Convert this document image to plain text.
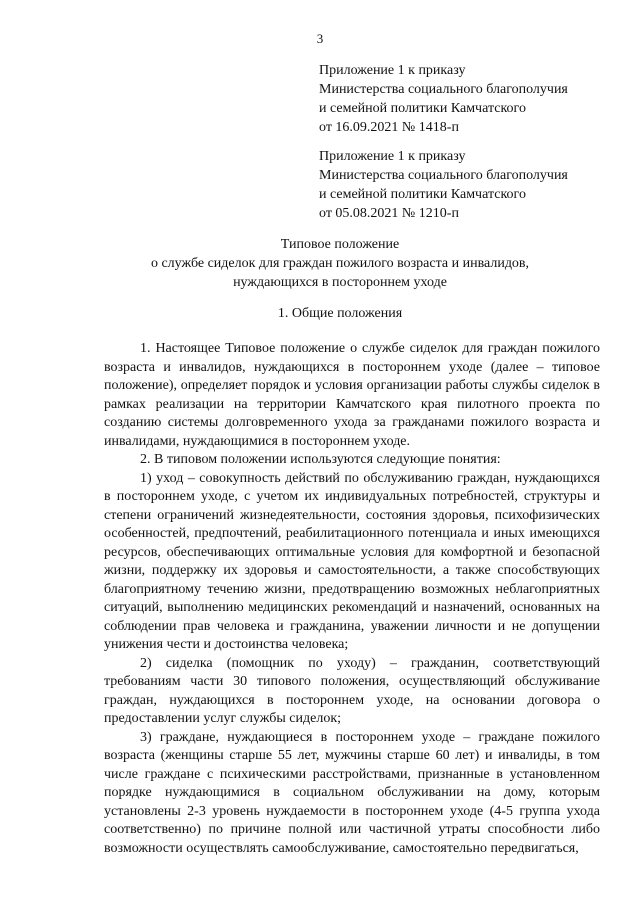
3
Приложение 1 к приказу
Министерства социального благополучия
и семейной политики Камчатского
от 16.09.2021 № 1418-п
Приложение 1 к приказу
Министерства социального благополучия
и семейной политики Камчатского
от 05.08.2021 № 1210-п
Типовое положение
о службе сиделок для граждан пожилого возраста и инвалидов,
нуждающихся в постороннем уходе
1. Общие положения

1. Настоящее Типовое положение о службе сиделок для граждан пожилого возраста и инвалидов, нуждающихся в постороннем уходе (далее – типовое положение), определяет порядок и условия организации работы службы сиделок в рамках реализации на территории Камчатского края пилотного проекта по созданию системы долговременного ухода за гражданами пожилого возраста и инвалидами, нуждающимися в постороннем уходе.

2. В типовом положении используются следующие понятия:

1) уход – совокупность действий по обслуживанию граждан, нуждающихся в постороннем уходе, с учетом их индивидуальных потребностей, структуры и степени ограничений жизнедеятельности, состояния здоровья, психофизических особенностей, предпочтений, реабилитационного потенциала и иных имеющихся ресурсов, обеспечивающих оптимальные условия для комфортной и безопасной жизни, поддержку их здоровья и самостоятельности, а также способствующих благоприятному течению жизни, предотвращению возможных неблагоприятных ситуаций, выполнению медицинских рекомендаций и назначений, основанных на соблюдении прав человека и гражданина, уважении личности и не допущении унижения чести и достоинства человека;

2) сиделка (помощник по уходу) – гражданин, соответствующий требованиям части 30 типового положения, осуществляющий обслуживание граждан, нуждающихся в постороннем уходе, на основании договора о предоставлении услуг службы сиделок;

3) граждане, нуждающиеся в постороннем уходе – граждане пожилого возраста (женщины старше 55 лет, мужчины старше 60 лет) и инвалиды, в том числе граждане с психическими расстройствами, признанные в установленном порядке нуждающимися в социальном обслуживании на дому, которым установлены 2-3 уровень нуждаемости в постороннем уходе (4-5 группа ухода соответственно) по причине полной или частичной утраты способности либо возможности осуществлять самообслуживание, самостоятельно передвигаться,
